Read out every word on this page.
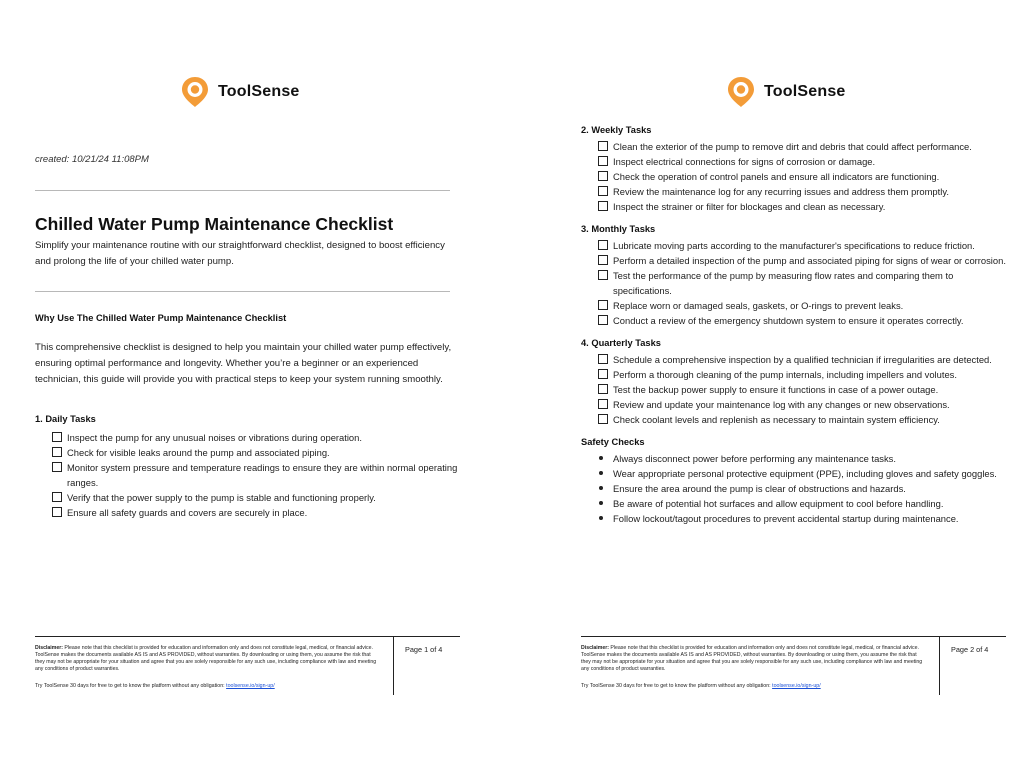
ToolSense
created: 10/21/24 11:08PM
Chilled Water Pump Maintenance Checklist
Simplify your maintenance routine with our straightforward checklist, designed to boost efficiency and prolong the life of your chilled water pump.
Why Use The Chilled Water Pump Maintenance Checklist
This comprehensive checklist is designed to help you maintain your chilled water pump effectively, ensuring optimal performance and longevity. Whether you’re a beginner or an experienced technician, this guide will provide you with practical steps to keep your system running smoothly.
1. Daily Tasks
Inspect the pump for any unusual noises or vibrations during operation.
Check for visible leaks around the pump and associated piping.
Monitor system pressure and temperature readings to ensure they are within normal operating ranges.
Verify that the power supply to the pump is stable and functioning properly.
Ensure all safety guards and covers are securely in place.
Disclaimer: Please note that this checklist is provided for education and information only and does not constitute legal, medical, or financial advice. ToolSense makes the documents available AS IS and AS PROVIDED, without warranties. By downloading or using them, you assume the risk that they may not be appropriate for your situation and agree that you are solely responsible for any such use, including compliance with law and meeting any conditions of product warranties.
Try ToolSense 30 days for free to get to know the platform without any obligation: toolsense.io/sign-up/
Page 1 of 4
ToolSense
2. Weekly Tasks
Clean the exterior of the pump to remove dirt and debris that could affect performance.
Inspect electrical connections for signs of corrosion or damage.
Check the operation of control panels and ensure all indicators are functioning.
Review the maintenance log for any recurring issues and address them promptly.
Inspect the strainer or filter for blockages and clean as necessary.
3. Monthly Tasks
Lubricate moving parts according to the manufacturer's specifications to reduce friction.
Perform a detailed inspection of the pump and associated piping for signs of wear or corrosion.
Test the performance of the pump by measuring flow rates and comparing them to specifications.
Replace worn or damaged seals, gaskets, or O-rings to prevent leaks.
Conduct a review of the emergency shutdown system to ensure it operates correctly.
4. Quarterly Tasks
Schedule a comprehensive inspection by a qualified technician if irregularities are detected.
Perform a thorough cleaning of the pump internals, including impellers and volutes.
Test the backup power supply to ensure it functions in case of a power outage.
Review and update your maintenance log with any changes or new observations.
Check coolant levels and replenish as necessary to maintain system efficiency.
Safety Checks
Always disconnect power before performing any maintenance tasks.
Wear appropriate personal protective equipment (PPE), including gloves and safety goggles.
Ensure the area around the pump is clear of obstructions and hazards.
Be aware of potential hot surfaces and allow equipment to cool before handling.
Follow lockout/tagout procedures to prevent accidental startup during maintenance.
Disclaimer: Please note that this checklist is provided for education and information only and does not constitute legal, medical, or financial advice. ToolSense makes the documents available AS IS and AS PROVIDED, without warranties. By downloading or using them, you assume the risk that they may not be appropriate for your situation and agree that you are solely responsible for any such use, including compliance with law and meeting any conditions of product warranties.
Try ToolSense 30 days for free to get to know the platform without any obligation: toolsense.io/sign-up/
Page 2 of 4
